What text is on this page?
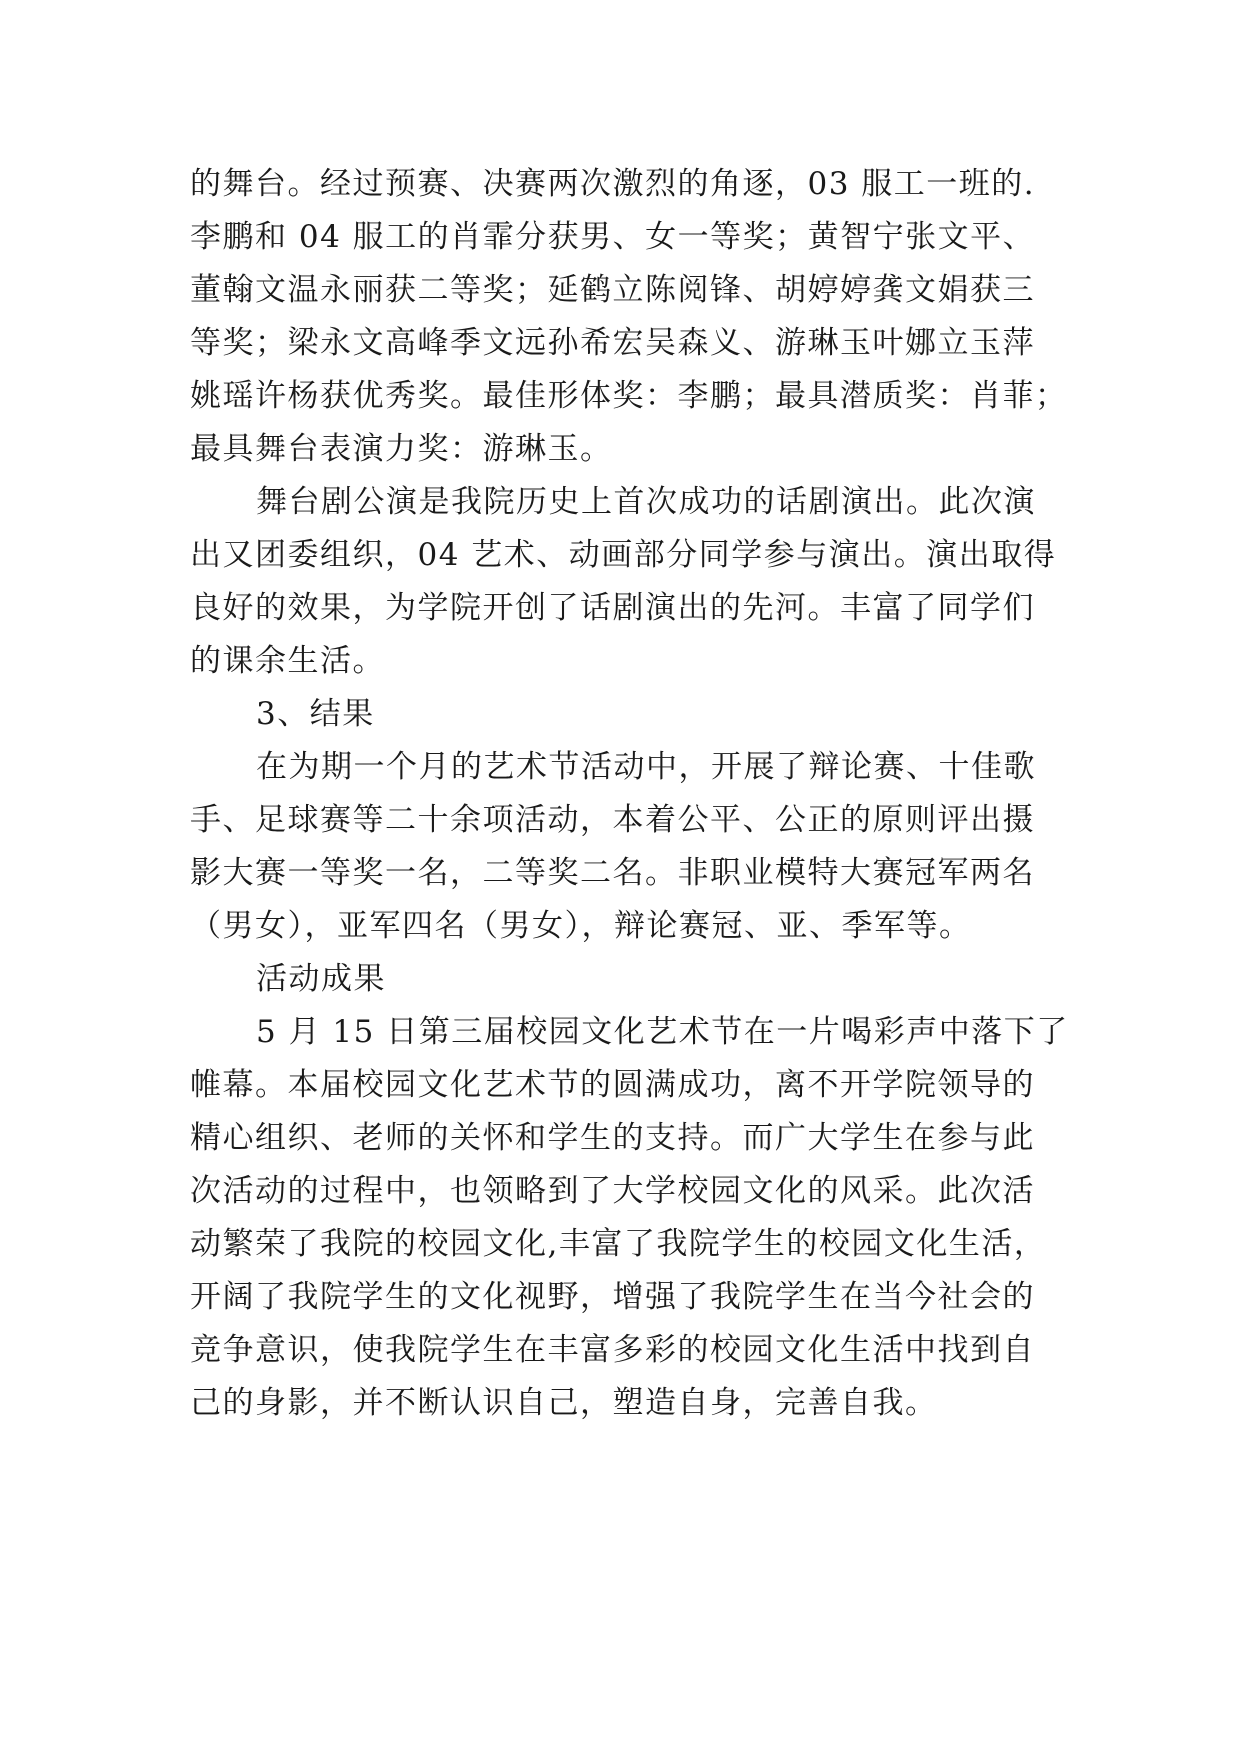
的舞台。经过预赛、决赛两次激烈的角逐，03 服工一班的.
李鹏和 04 服工的肖霏分获男、女一等奖；黄智宁张文平、
董翰文温永丽获二等奖；延鹤立陈阅锋、胡婷婷龚文娟获三
等奖；梁永文高峰季文远孙希宏吴森义、游琳玉叶娜立玉萍
姚瑶许杨获优秀奖。最佳形体奖：李鹏；最具潜质奖：肖菲；
最具舞台表演力奖：游琳玉。
舞台剧公演是我院历史上首次成功的话剧演出。此次演
出又团委组织，04 艺术、动画部分同学参与演出。演出取得
良好的效果，为学院开创了话剧演出的先河。丰富了同学们
的课余生活。
3、结果
在为期一个月的艺术节活动中，开展了辩论赛、十佳歌
手、足球赛等二十余项活动，本着公平、公正的原则评出摄
影大赛一等奖一名，二等奖二名。非职业模特大赛冠军两名
（男女），亚军四名（男女），辩论赛冠、亚、季军等。
活动成果
5 月 15 日第三届校园文化艺术节在一片喝彩声中落下了
帷幕。本届校园文化艺术节的圆满成功，离不开学院领导的
精心组织、老师的关怀和学生的支持。而广大学生在参与此
次活动的过程中，也领略到了大学校园文化的风采。此次活
动繁荣了我院的校园文化,丰富了我院学生的校园文化生活，
开阔了我院学生的文化视野，增强了我院学生在当今社会的
竞争意识，使我院学生在丰富多彩的校园文化生活中找到自
己的身影，并不断认识自己，塑造自身，完善自我。
